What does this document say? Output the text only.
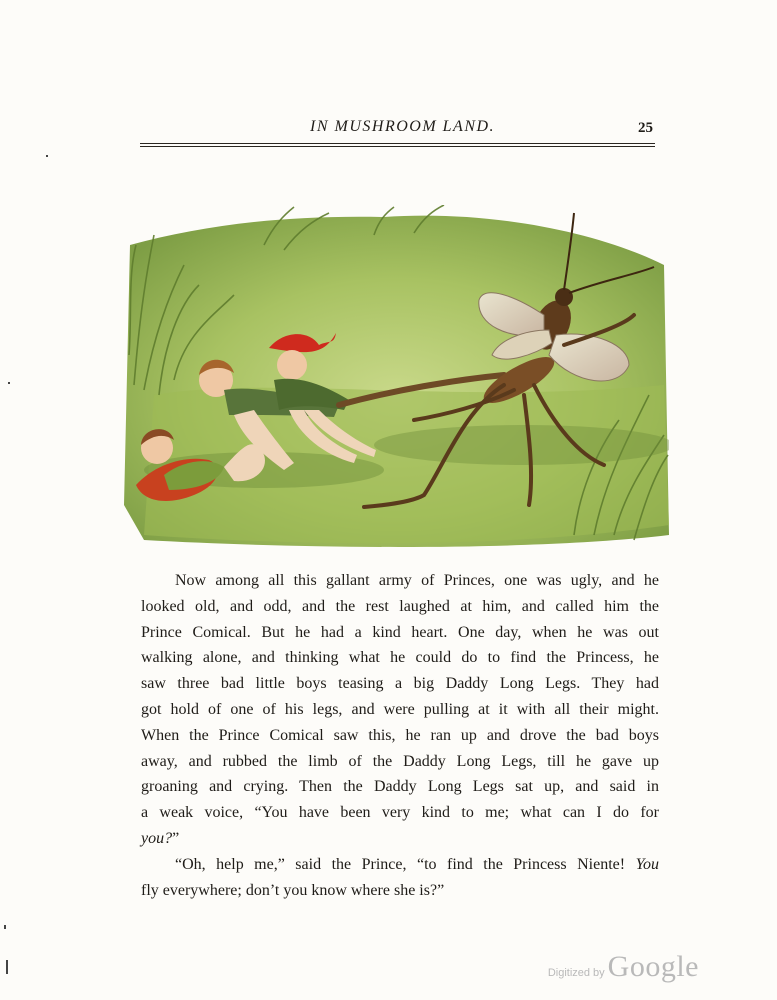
IN MUSHROOM LAND.	25

Now among all this gallant army of Princes, one was ugly, and he
looked old, and odd, and the rest laughed at him, and called him the
Prince Comical. But he had a kind heart. One day, when he was out
walking alone, and thinking what he could do to find the Princess, he
saw three bad little boys teasing a big Daddy Long Legs. They had
got hold of one of his legs, and were pulling at it with all their might.
When the Prince Comical saw this, he ran up and drove the bad boys
away, and rubbed the limb of the Daddy Long Legs, till he gave up
groaning and crying. Then the Daddy Long Legs sat up, and said in
a weak voice, “You have been very kind to me; what can I do for
you?”

“Oh, help me,” said the Prince, “to find the Princess Niente! You
fly everywhere; don’t you know where she is?”

Digitized by Google
